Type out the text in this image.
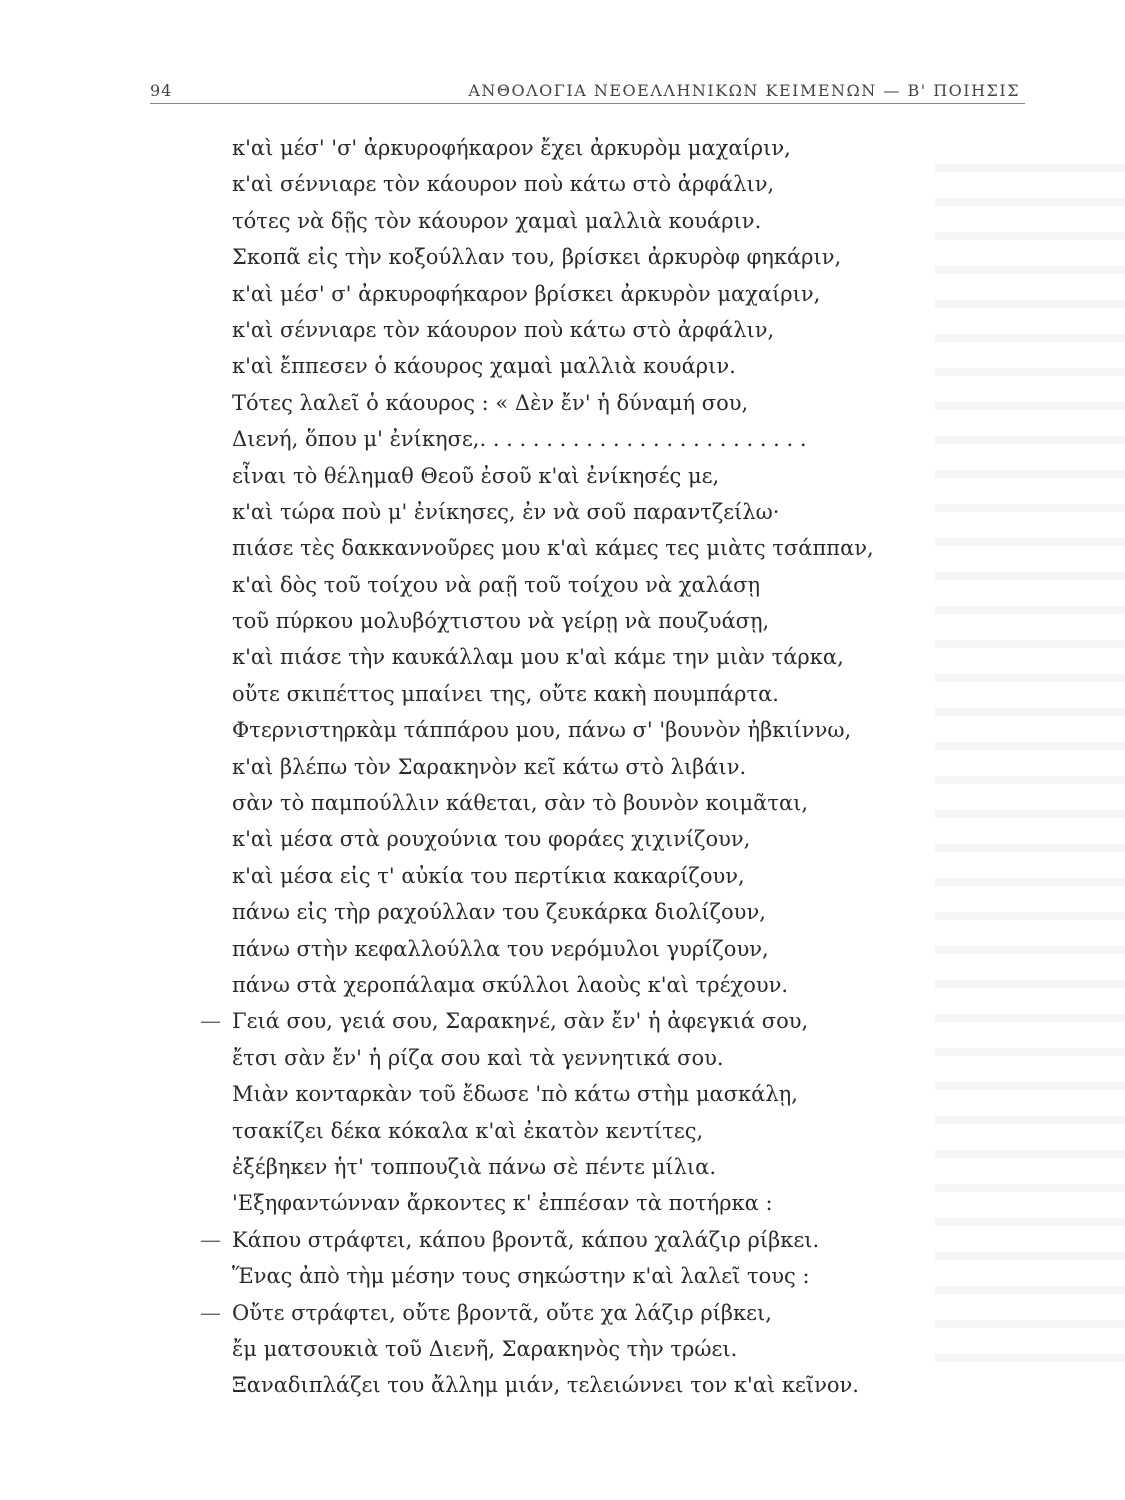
94	ΑΝΘΟΛΟΓΙΑ ΝΕΟΕΛΛΗΝΙΚΩΝ ΚΕΙΜΕΝΩΝ — Β' ΠΟΙΗΣΙΣ
κ'αὶ μέσ' 'σ' ἀρκυροφήκαρον ἔχει ἀρκυρὸμ μαχαίριν,
κ'αὶ σέννιαρε τὸν κάουρον ποὺ κάτω στὸ ἀρφάλιν,
τότες νὰ δῇς τὸν κάουρον χαμαὶ μαλλιὰ κουάριν.
Σκοπᾶ εἰς τὴν κοξούλλαν του, βρίσκει ἀρκυρὸφ φηκάριν,
κ'αὶ μέσ' σ' ἀρκυροφήκαρον βρίσκει ἀρκυρὸν μαχαίριν,
κ'αὶ σέννιαρε τὸν κάουρον ποὺ κάτω στὸ ἀρφάλιν,
κ'αὶ ἔππεσεν ὁ κάουρος χαμαὶ μαλλιὰ κουάριν.
Τότες λαλεῖ ὁ κάουρος : « Δὲν ἔν' ἡ δύναμή σου,
Διενή, ὅπου μ' ἐνίκησε,. . . . . . . . . . . . . . . . . . . . . . . . .
εἶναι τὸ θέλημαθ Θεοῦ ἐσοῦ κ'αὶ ἐνίκησές με,
κ'αὶ τώρα ποὺ μ' ἐνίκησες, ἐν νὰ σοῦ παραντζείλω·
πιάσε τὲς δακκαννοῦρες μου κ'αὶ κάμες τες μιὰτς τσάππαν,
κ'αὶ δὸς τοῦ τοίχου νὰ ραῇ τοῦ τοίχου νὰ χαλάσῃ
τοῦ πύρκου μολυβόχτιστου νὰ γείρῃ νὰ πουζυάσῃ,
κ'αὶ πιάσε τὴν καυκάλλαμ μου κ'αὶ κάμε την μιὰν τάρκα,
οὔτε σκιπέττος μπαίνει της, οὔτε κακὴ πουμπάρτα.
Φτερνιστηρκὰμ τάππάρου μου, πάνω σ' 'βουνὸν ἠβκιίννω,
κ'αὶ βλέπω τὸν Σαρακηνὸν κεῖ κάτω στὸ λιβάιν.
σὰν τὸ παμπούλλιν κάθεται, σὰν τὸ βουνὸν κοιμᾶται,
κ'αὶ μέσα στὰ ρουχούνια του φοράες χιχινίζουν,
κ'αὶ μέσα εἰς τ' αὐκία του περτίκια κακαρίζουν,
πάνω εἰς τὴρ ραχούλλαν του ζευκάρκα διολίζουν,
πάνω στὴν κεφαλλούλλα του νερόμυλοι γυρίζουν,
πάνω στὰ χεροπάλαμα σκύλλοι λαοὺς κ'αὶ τρέχουν.
— Γειά σου, γειά σου, Σαρακηνέ, σὰν ἔν' ἡ ἀφεγκιά σου,
ἔτσι σὰν ἔν' ἡ ρίζα σου καὶ τὰ γεννητικά σου.
Μιὰν κονταρκὰν τοῦ ἔδωσε 'πὸ κάτω στὴμ μασκάλῃ,
τσακίζει δέκα κόκαλα κ'αὶ ἐκατὸν κεντίτες,
ἐξέβηκεν ἡτ' τοππουζιὰ πάνω σὲ πέντε μίλια.
'Εξηφαντώνναν ἄρκοντες κ' ἐππέσαν τὰ ποτήρκα :
— Κάπου στράφτει, κάπου βροντᾶ, κάπου χαλάζιρ ρίβκει.
Ἕνας ἀπὸ τὴμ μέσην τους σηκώστην κ'αὶ λαλεῖ τους :
— Οὔτε στράφτει, οὔτε βροντᾶ, οὔτε χα λάζιρ ρίβκει,
ἔμ ματσουκιὰ τοῦ Διενῆ, Σαρακηνὸς τὴν τρώει.
Ξαναδιπλάζει του ἄλλημ μιάν, τελειώννει τον κ'αὶ κεῖνον.
